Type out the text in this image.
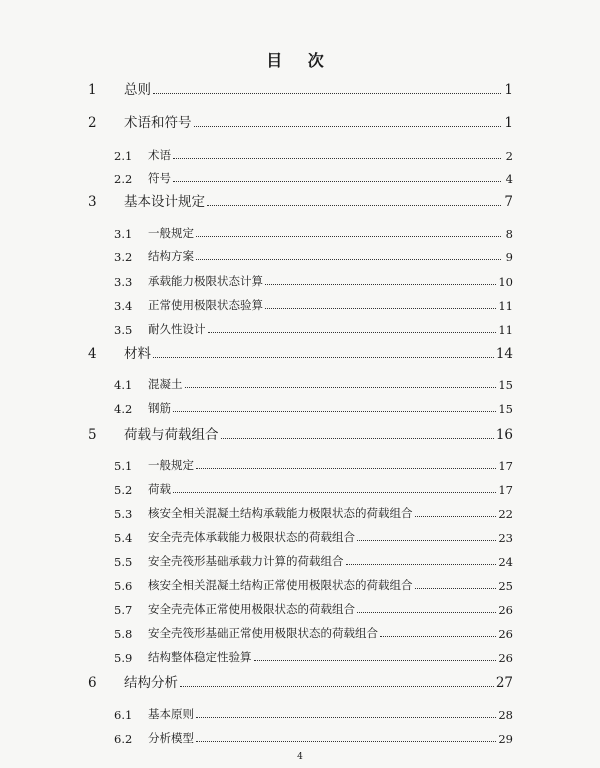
目 次
1	总则	1
2	术语和符号	1
2.1	术语	2
2.2	符号	4
3	基本设计规定	7
3.1	一般规定	8
3.2	结构方案	9
3.3	承载能力极限状态计算	10
3.4	正常使用极限状态验算	11
3.5	耐久性设计	11
4	材料	14
4.1	混凝土	15
4.2	钢筋	15
5	荷载与荷载组合	16
5.1	一般规定	17
5.2	荷载	17
5.3	核安全相关混凝土结构承载能力极限状态的荷载组合	22
5.4	安全壳壳体承载能力极限状态的荷载组合	23
5.5	安全壳筏形基础承载力计算的荷载组合	24
5.6	核安全相关混凝土结构正常使用极限状态的荷载组合	25
5.7	安全壳壳体正常使用极限状态的荷载组合	26
5.8	安全壳筏形基础正常使用极限状态的荷载组合	26
5.9	结构整体稳定性验算	26
6	结构分析	27
6.1	基本原则	28
6.2	分析模型	29
4
